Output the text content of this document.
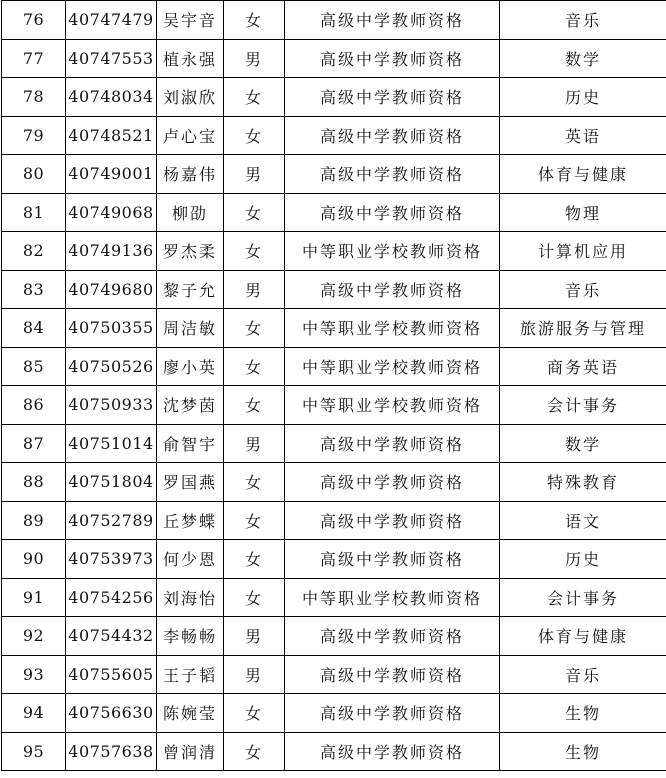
76	40747479	吴宇音	女	高级中学教师资格	音乐
77	40747553	植永强	男	高级中学教师资格	数学
78	40748034	刘淑欣	女	高级中学教师资格	历史
79	40748521	卢心宝	女	高级中学教师资格	英语
80	40749001	杨嘉伟	男	高级中学教师资格	体育与健康
81	40749068	柳劭	女	高级中学教师资格	物理
82	40749136	罗杰柔	女	中等职业学校教师资格	计算机应用
83	40749680	黎子允	男	高级中学教师资格	音乐
84	40750355	周洁敏	女	中等职业学校教师资格	旅游服务与管理
85	40750526	廖小英	女	中等职业学校教师资格	商务英语
86	40750933	沈梦茵	女	中等职业学校教师资格	会计事务
87	40751014	俞智宇	男	高级中学教师资格	数学
88	40751804	罗国燕	女	高级中学教师资格	特殊教育
89	40752789	丘梦蝶	女	高级中学教师资格	语文
90	40753973	何少恩	女	高级中学教师资格	历史
91	40754256	刘海怡	女	中等职业学校教师资格	会计事务
92	40754432	李畅畅	男	高级中学教师资格	体育与健康
93	40755605	王子韬	男	高级中学教师资格	音乐
94	40756630	陈婉莹	女	高级中学教师资格	生物
95	40757638	曾润清	女	高级中学教师资格	生物
